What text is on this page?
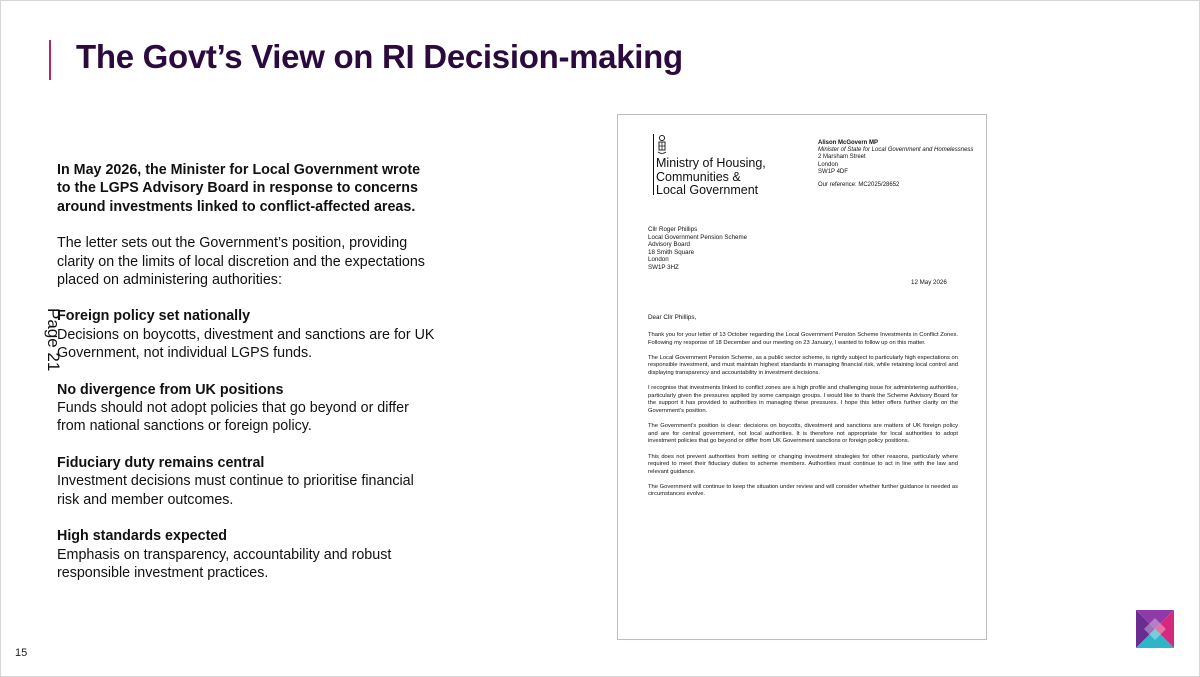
The Govt’s View on RI Decision-making

In May 2026, the Minister for Local Government wrote to the LGPS Advisory Board in response to concerns around investments linked to conflict-affected areas.

The letter sets out the Government’s position, providing clarity on the limits of local discretion and the expectations placed on administering authorities:

Foreign policy set nationally
Decisions on boycotts, divestment and sanctions are for UK Government, not individual LGPS funds.
No divergence from UK positions
Funds should not adopt policies that go beyond or differ from national sanctions or foreign policy.
Fiduciary duty remains central
Investment decisions must continue to prioritise financial risk and member outcomes.
High standards expected
Emphasis on transparency, accountability and robust responsible investment practices.
Page 21
15
Ministry of Housing,
Communities &
Local Government
Alison McGovern MP
Minister of State for Local Government and Homelessness
2 Marsham Street
London
SW1P 4DF
Our reference: MC2025/28652
Cllr Roger Phillips
Local Government Pension Scheme
Advisory Board
18 Smith Square
London
SW1P 3HZ
12 May 2026
Dear Cllr Phillips,

Thank you for your letter of 13 October regarding the Local Government Pension Scheme Investments in Conflict Zones. Following my response of 18 December and our meeting on 23 January, I wanted to follow up on this matter.

The Local Government Pension Scheme, as a public sector scheme, is rightly subject to particularly high expectations on responsible investment, and must maintain highest standards in managing financial risk, while retaining local control and displaying transparency and accountability in investment decisions.

I recognise that investments linked to conflict zones are a high profile and challenging issue for administering authorities, particularly given the pressures applied by some campaign groups. I would like to thank the Scheme Advisory Board for the support it has provided to authorities in managing these pressures. I hope this letter offers further clarity on the Government’s position.

The Government’s position is clear: decisions on boycotts, divestment and sanctions are matters of UK foreign policy and are for central government, not local authorities. It is therefore not appropriate for local authorities to adopt investment policies that go beyond or differ from UK Government sanctions or foreign policy positions.

This does not prevent authorities from setting or changing investment strategies for other reasons, particularly where required to meet their fiduciary duties to scheme members. Authorities must continue to act in line with the law and relevant guidance.

The Government will continue to keep the situation under review and will consider whether further guidance is needed as circumstances evolve.
